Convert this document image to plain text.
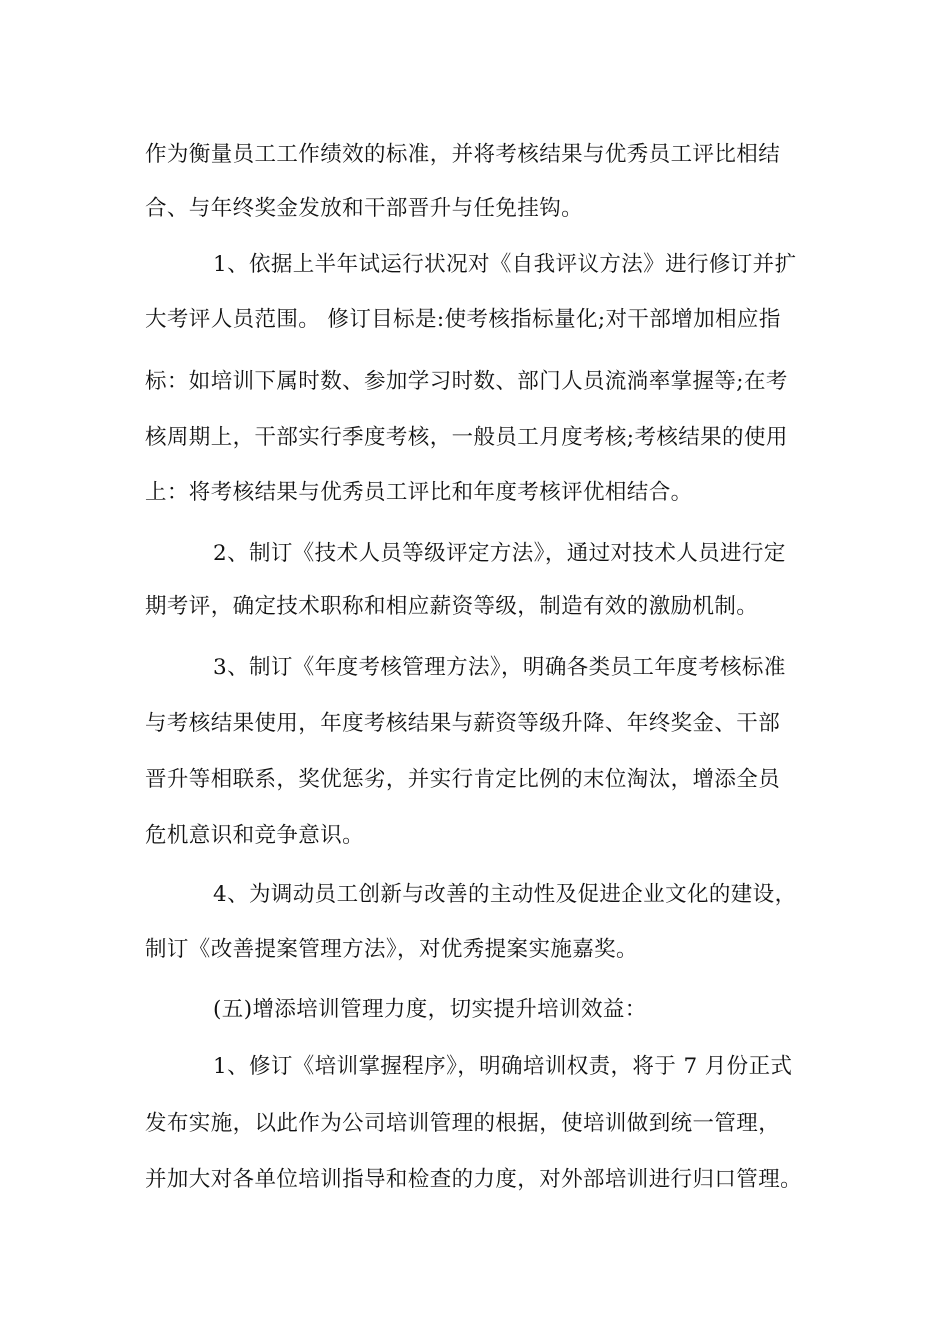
作为衡量员工工作绩效的标准，并将考核结果与优秀员工评比相结
合、与年终奖金发放和干部晋升与任免挂钩。
1、依据上半年试运行状况对《自我评议方法》进行修订并扩
大考评人员范围。 修订目标是:使考核指标量化;对干部增加相应指
标：如培训下属时数、参加学习时数、部门人员流淌率掌握等;在考
核周期上，干部实行季度考核，一般员工月度考核;考核结果的使用
上：将考核结果与优秀员工评比和年度考核评优相结合。
2、制订《技术人员等级评定方法》，通过对技术人员进行定
期考评，确定技术职称和相应薪资等级，制造有效的激励机制。
3、制订《年度考核管理方法》，明确各类员工年度考核标准
与考核结果使用，年度考核结果与薪资等级升降、年终奖金、干部
晋升等相联系，奖优惩劣，并实行肯定比例的末位淘汰，增添全员
危机意识和竞争意识。
4、为调动员工创新与改善的主动性及促进企业文化的建设，
制订《改善提案管理方法》，对优秀提案实施嘉奖。
(五)增添培训管理力度，切实提升培训效益：
1、修订《培训掌握程序》，明确培训权责，将于 7 月份正式
发布实施，以此作为公司培训管理的根据，使培训做到统一管理，
并加大对各单位培训指导和检查的力度，对外部培训进行归口管理。
